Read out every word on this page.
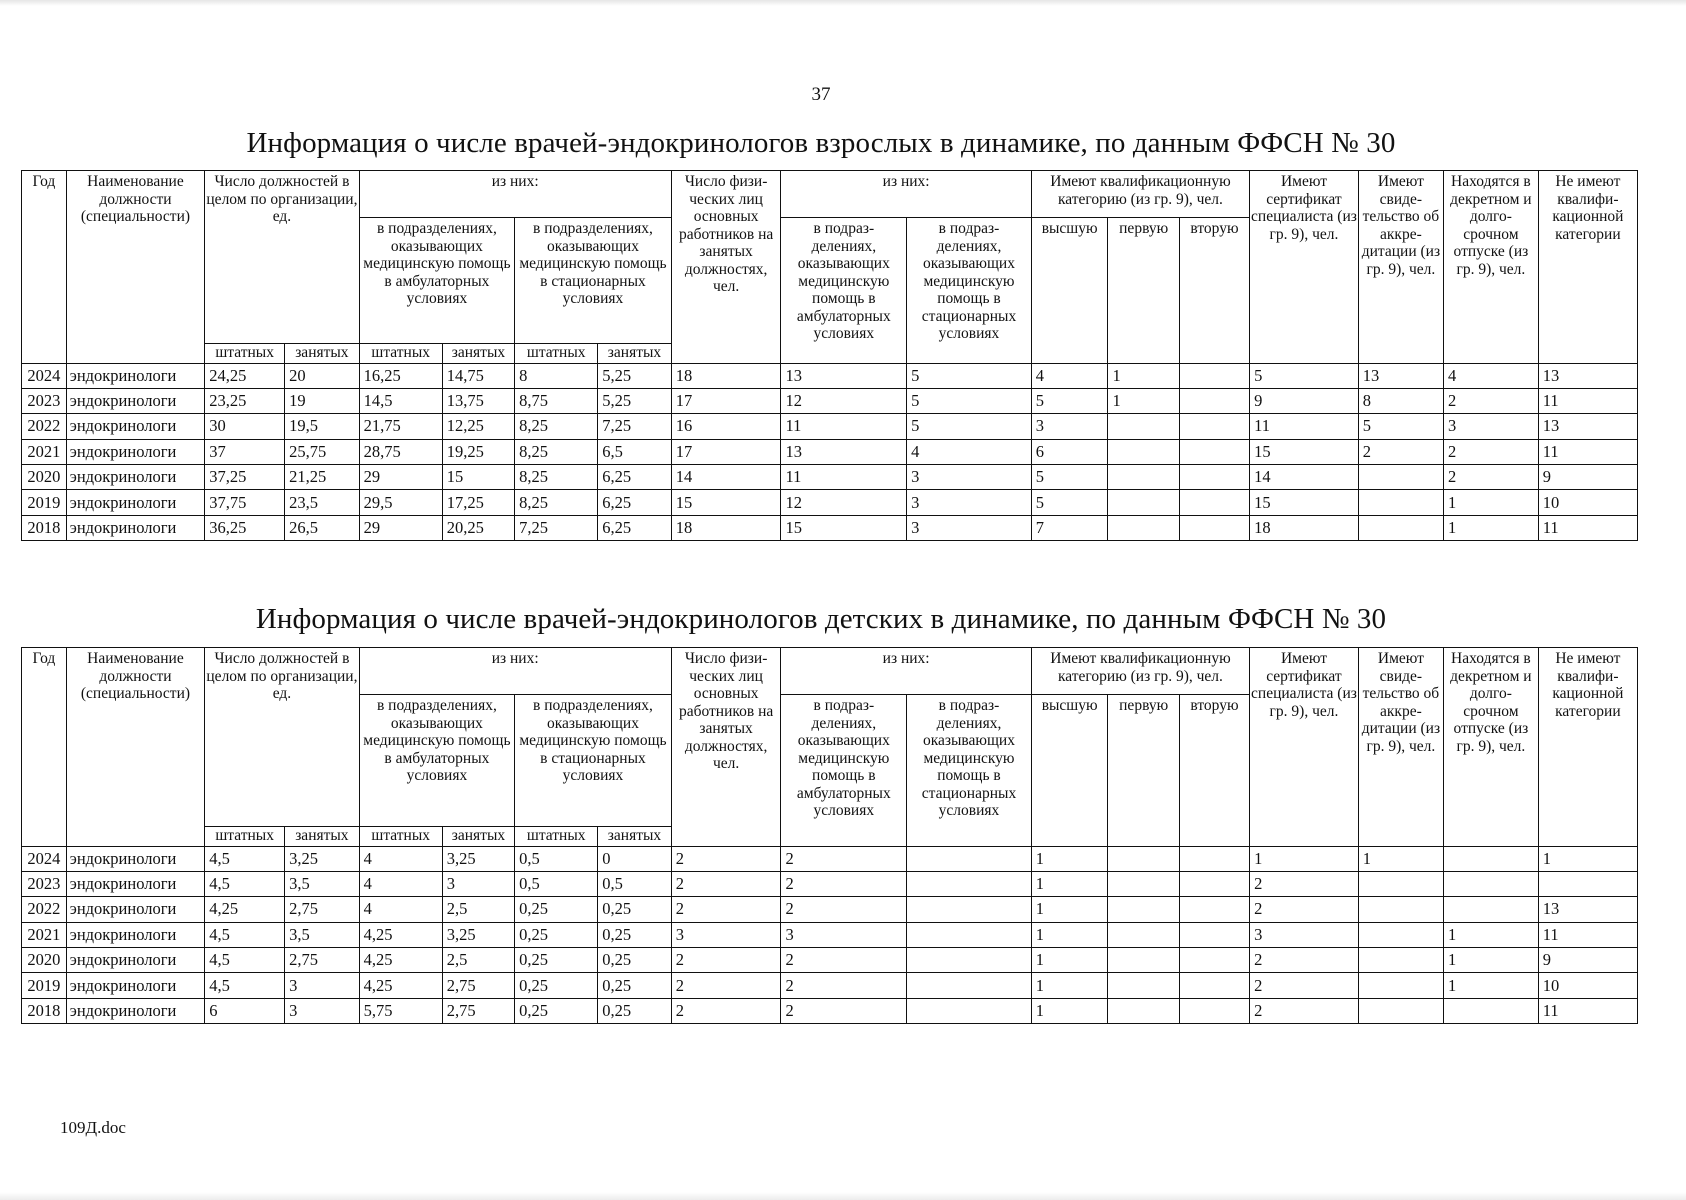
37
Информация о числе врачей-эндокринологов взрослых в динамике, по данным ФФСН № 30
Информация о числе врачей-эндокринологов детских в динамике, по данным ФФСН № 30
Год	Наименование должности (специальности)	Число должностей в целом по организации, ед.		из них:				Число физи-ческих лиц основных работников на занятых должностях, чел.	из них:		Имеют квалификационную категорию (из гр. 9), чел.			Имеют сертификат специалиста (из гр. 9), чел.	Имеют свиде-тельство об аккре-дитации (из гр. 9), чел.	Находятся в декретном и долго-срочном отпуске (из гр. 9), чел.	Не имеют квалифи-кационной категории
				в подразделениях, оказывающих медицинскую помощь в амбулаторных условиях		в подразделениях, оказывающих медицинскую помощь в стационарных условиях			в подраз-делениях, оказывающих медицинскую помощь в амбулаторных условиях	в подраз-делениях, оказывающих медицинскую помощь в стационарных условиях	высшую	первую	вторую				
		штатных	занятых	штатных	занятых	штатных	занятых										
2024	эндокринологи	24,25	20	16,25	14,75	8	5,25	18	13	5	4	1		5	13	4	13
2023	эндокринологи	23,25	19	14,5	13,75	8,75	5,25	17	12	5	5	1		9	8	2	11
2022	эндокринологи	30	19,5	21,75	12,25	8,25	7,25	16	11	5	3			11	5	3	13
2021	эндокринологи	37	25,75	28,75	19,25	8,25	6,5	17	13	4	6			15	2	2	11
2020	эндокринологи	37,25	21,25	29	15	8,25	6,25	14	11	3	5			14		2	9
2019	эндокринологи	37,75	23,5	29,5	17,25	8,25	6,25	15	12	3	5			15		1	10
2018	эндокринологи	36,25	26,5	29	20,25	7,25	6,25	18	15	3	7			18		1	11
Год	Наименование должности (специальности)	Число должностей в целом по организации, ед.		из них:				Число физи-ческих лиц основных работников на занятых должностях, чел.	из них:		Имеют квалификационную категорию (из гр. 9), чел.			Имеют сертификат специалиста (из гр. 9), чел.	Имеют свиде-тельство об аккре-дитации (из гр. 9), чел.	Находятся в декретном и долго-срочном отпуске (из гр. 9), чел.	Не имеют квалифи-кационной категории
				в подразделениях, оказывающих медицинскую помощь в амбулаторных условиях		в подразделениях, оказывающих медицинскую помощь в стационарных условиях			в подраз-делениях, оказывающих медицинскую помощь в амбулаторных условиях	в подраз-делениях, оказывающих медицинскую помощь в стационарных условиях	высшую	первую	вторую				
		штатных	занятых	штатных	занятых	штатных	занятых										
2024	эндокринологи	4,5	3,25	4	3,25	0,5	0	2	2		1			1	1		1
2023	эндокринологи	4,5	3,5	4	3	0,5	0,5	2	2		1			2			
2022	эндокринологи	4,25	2,75	4	2,5	0,25	0,25	2	2		1			2			13
2021	эндокринологи	4,5	3,5	4,25	3,25	0,25	0,25	3	3		1			3		1	11
2020	эндокринологи	4,5	2,75	4,25	2,5	0,25	0,25	2	2		1			2		1	9
2019	эндокринологи	4,5	3	4,25	2,75	0,25	0,25	2	2		1			2		1	10
2018	эндокринологи	6	3	5,75	2,75	0,25	0,25	2	2		1			2			11
109Д.doc
